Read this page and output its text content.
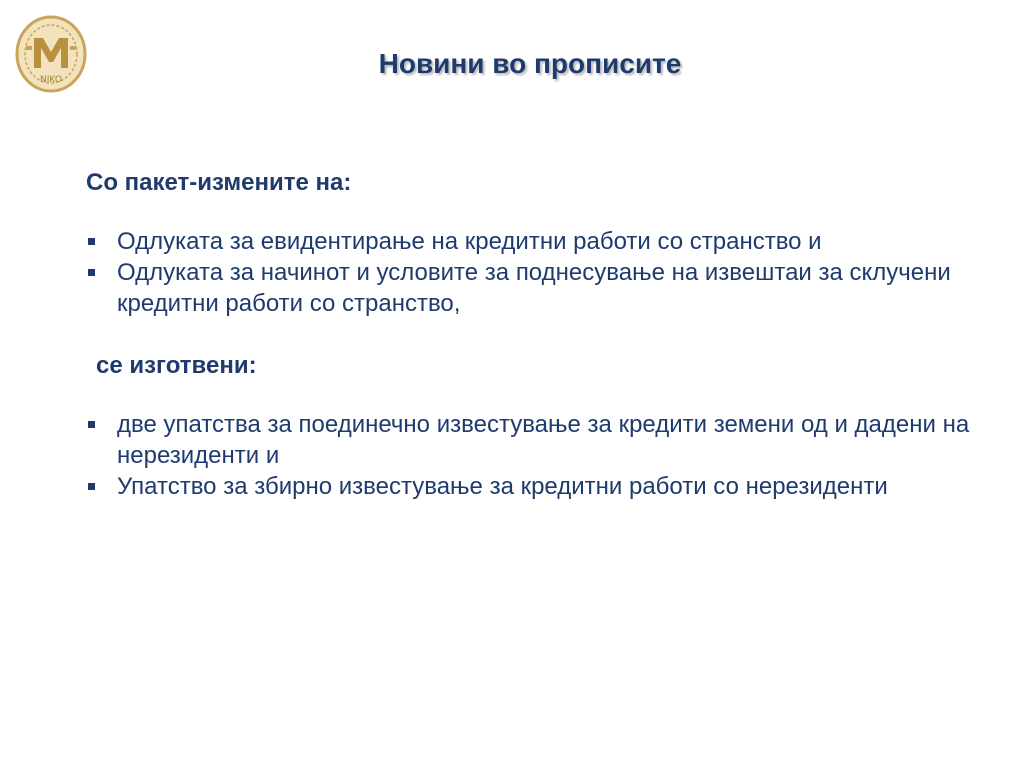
NIKO
Новини во прописите
Со пакет-измените на:
Одлуката за евидентирање на кредитни работи со странство и
Одлуката за начинот и условите за поднесување на извештаи за склучени кредитни работи со странство,
се изготвени:
две упатства за поединечно известување за кредити земени од и дадени на нерезиденти и
Упатство за збирно известување за кредитни работи со нерезиденти
